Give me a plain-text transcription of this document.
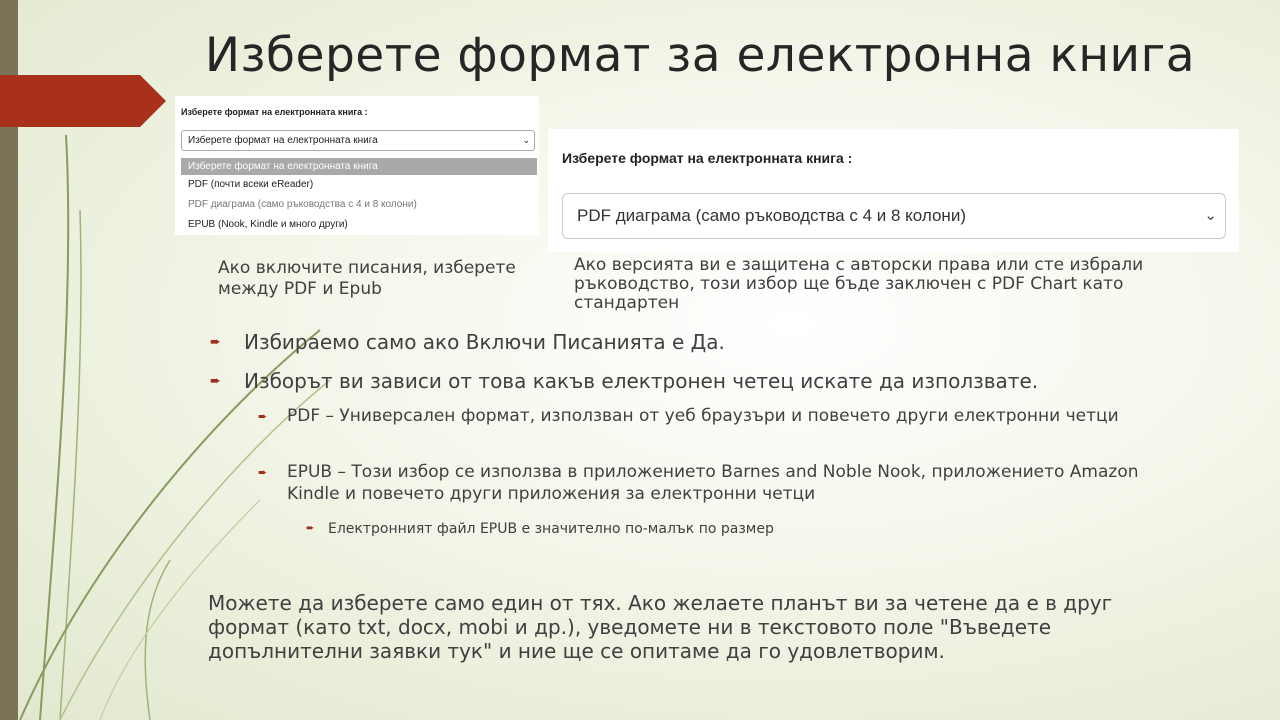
Изберете формат за електронна книга
Изберете формат на електронната книга :
Изберете формат на електронната книга	⌄
Изберете формат на електронната книга
PDF (почти всеки eReader)
PDF диаграма (само ръководства с 4 и 8 колони)
EPUB (Nook, Kindle и много други)
Изберете формат на електронната книга :
PDF диаграма (само ръководства с 4 и 8 колони)	⌄
Ако включите писания, изберете между PDF и Epub
Ако версията ви е защитена с авторски права или сте избрали ръководство, този избор ще бъде заключен с PDF Chart като стандартен
➨ Избираемо само ако Включи Писанията е Да.
➨ Изборът ви зависи от това какъв електронен четец искате да използвате.
➨ PDF – Универсален формат, използван от уеб браузъри и повечето други електронни четци
➨ EPUB – Този избор се използва в приложението Barnes and Noble Nook, приложението Amazon Kindle и повечето други приложения за електронни четци
➨ Електронният файл EPUB е значително по-малък по размер
Можете да изберете само един от тях. Ако желаете планът ви за четене да е в друг формат (като txt, docx, mobi и др.), уведомете ни в текстовото поле "Въведете допълнителни заявки тук" и ние ще се опитаме да го удовлетворим.
